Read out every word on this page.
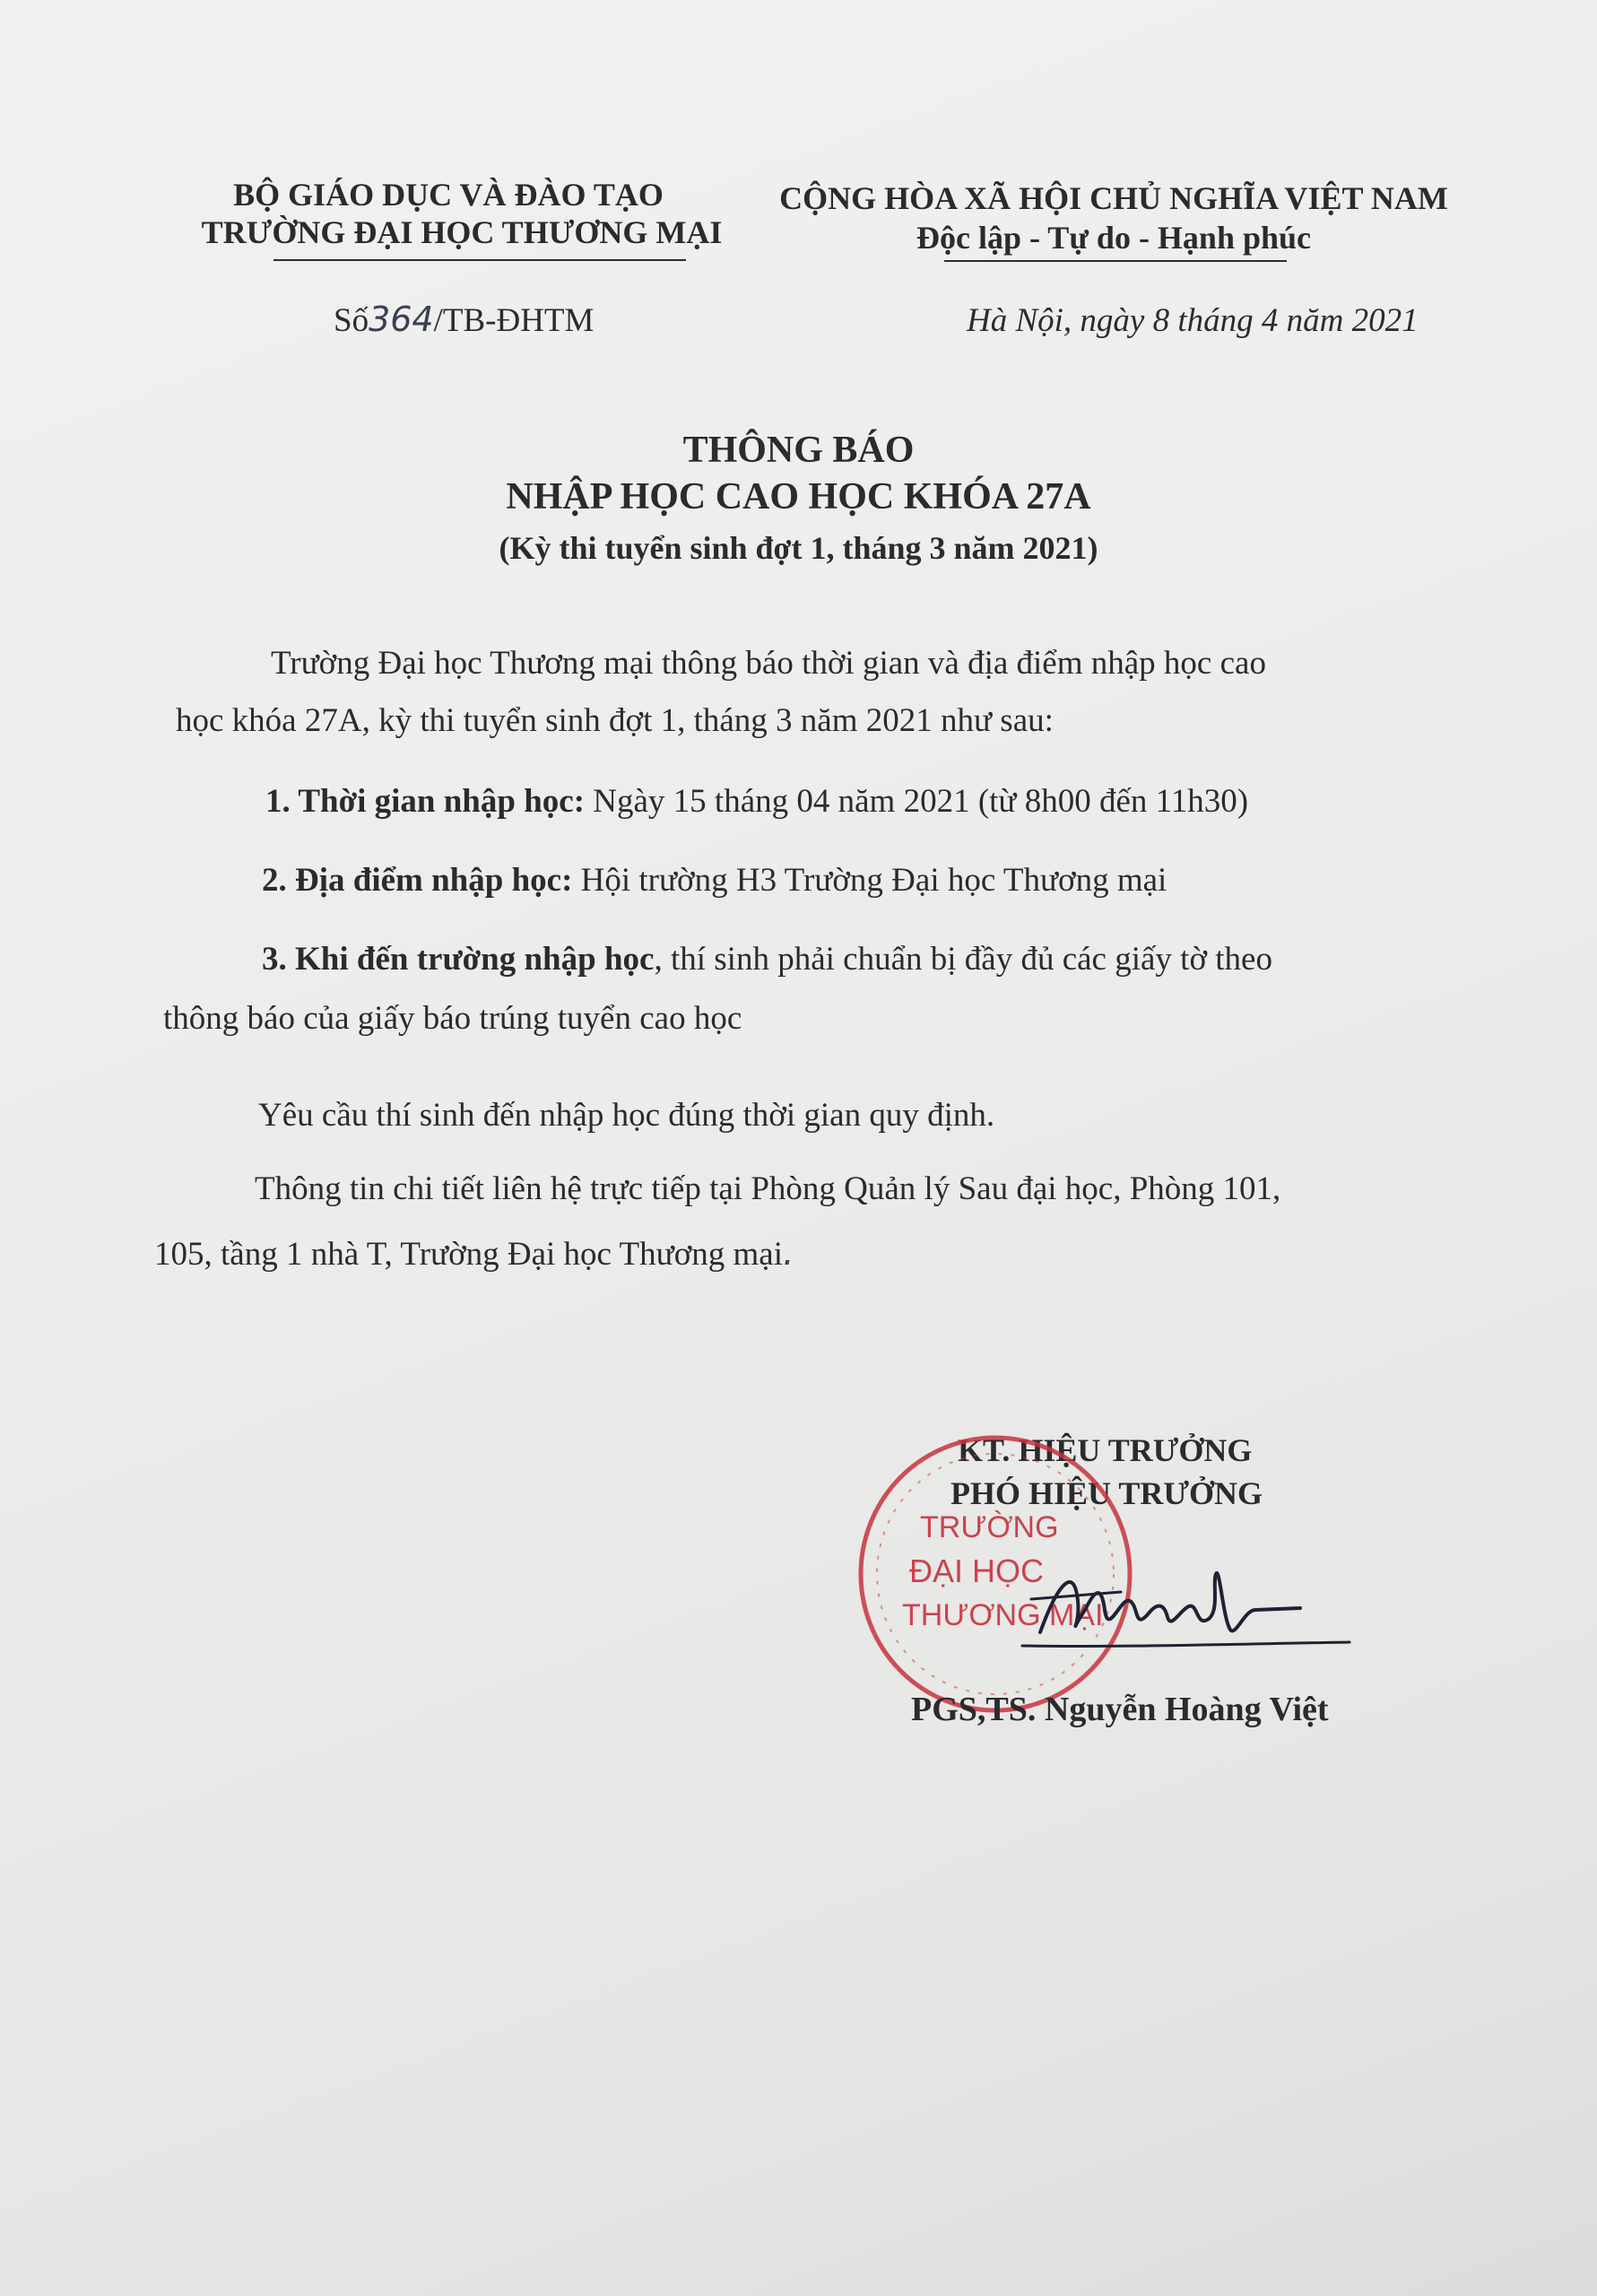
BỘ GIÁO DỤC VÀ ĐÀO TẠO
TRƯỜNG ĐẠI HỌC THƯƠNG MẠI
CỘNG HÒA XÃ HỘI CHỦ NGHĨA VIỆT NAM
Độc lập - Tự do - Hạnh phúc
Số364/TB-ĐHTM	Hà Nội, ngày 8 tháng 4 năm 2021
THÔNG BÁO
NHẬP HỌC CAO HỌC KHÓA 27A
(Kỳ thi tuyển sinh đợt 1, tháng 3 năm 2021)
Trường Đại học Thương mại thông báo thời gian và địa điểm nhập học cao
học khóa 27A, kỳ thi tuyển sinh đợt 1, tháng 3 năm 2021 như sau:
1. Thời gian nhập học: Ngày 15 tháng 04 năm 2021 (từ 8h00 đến 11h30)
2. Địa điểm nhập học: Hội trường H3 Trường Đại học Thương mại
3. Khi đến trường nhập học, thí sinh phải chuẩn bị đầy đủ các giấy tờ theo
thông báo của giấy báo trúng tuyển cao học
Yêu cầu thí sinh đến nhập học đúng thời gian quy định.
Thông tin chi tiết liên hệ trực tiếp tại Phòng Quản lý Sau đại học, Phòng 101,
105, tầng 1 nhà T, Trường Đại học Thương mại.
KT. HIỆU TRƯỞNG
PHÓ HIỆU TRƯỞNG
TRƯỜNG
ĐẠI HỌC
THƯƠNG MẠI
PGS,TS. Nguyễn Hoàng Việt
